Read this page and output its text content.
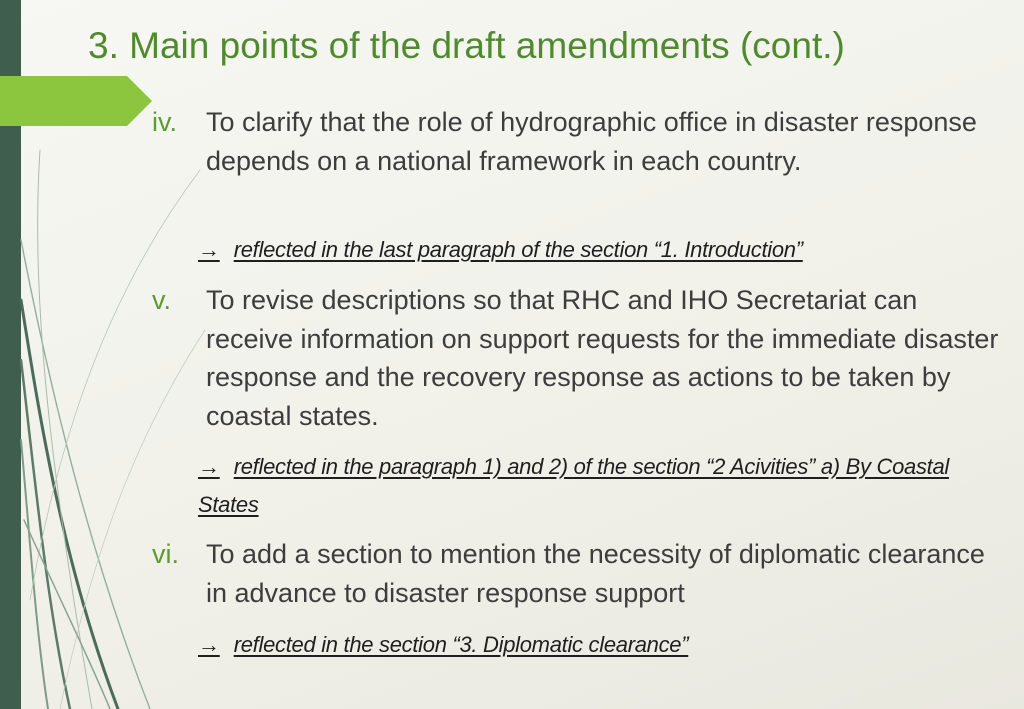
3. Main points of the draft amendments (cont.)
iv. To clarify that the role of hydrographic office in disaster response depends on a national framework in each country.
→ reflected in the last paragraph of the section “1. Introduction”
v. To revise descriptions so that RHC and IHO Secretariat can receive information on support requests for the immediate disaster response and the recovery response as actions to be taken by coastal states.
→ reflected in the paragraph 1) and 2) of the section “2 Acivities” a) By Coastal States
vi. To add a section to mention the necessity of diplomatic clearance in advance to disaster response support
→ reflected in the section “3. Diplomatic clearance”
